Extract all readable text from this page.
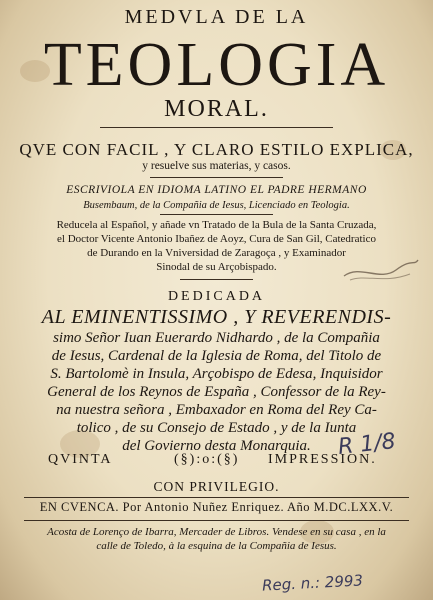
MEDVLA DE LA
TEOLOGIA
MORAL.
QVE CON FACIL , Y CLARO ESTILO EXPLICA,
y resuelve sus materias, y casos.
ESCRIVIOLA EN IDIOMA LATINO EL PADRE HERMANO
Busembaum, de la Compañia de Iesus, Licenciado en Teologia.
Reducela al Español, y añade vn Tratado de la Bula de la Santa Cruzada,
el Doctor Vicente Antonio Ibañez de Aoyz, Cura de San Gil, Catedratico
de Durando en la Vniversidad de Zaragoça , y Examinador
Sinodal de su Arçobispado.
DEDICADA
AL EMINENTISSIMO , Y REVERENDIS-
simo Señor Iuan Euerardo Nidhardo , de la Compañia
de Iesus, Cardenal de la Iglesia de Roma, del Titolo de
S. Bartolomè in Insula, Arçobispo de Edesa, Inquisidor
General de los Reynos de España , Confessor de la Rey-
na nuestra señora , Embaxador en Roma del Rey Ca-
tolico , de su Consejo de Estado , y de la Iunta
del Govierno desta Monarquia.
QVINTA	(§):o:(§) IMPRESSION.
CON PRIVILEGIO.
EN CVENCA. Por Antonio Nuñez Enriquez. Año M.DC.LXX.V.
Acosta de Lorenço de Ibarra, Mercader de Libros. Vendese en su casa , en la
calle de Toledo, à la esquina de la Compañia de Iesus.
R 1/8
Reg. n.: 2993
